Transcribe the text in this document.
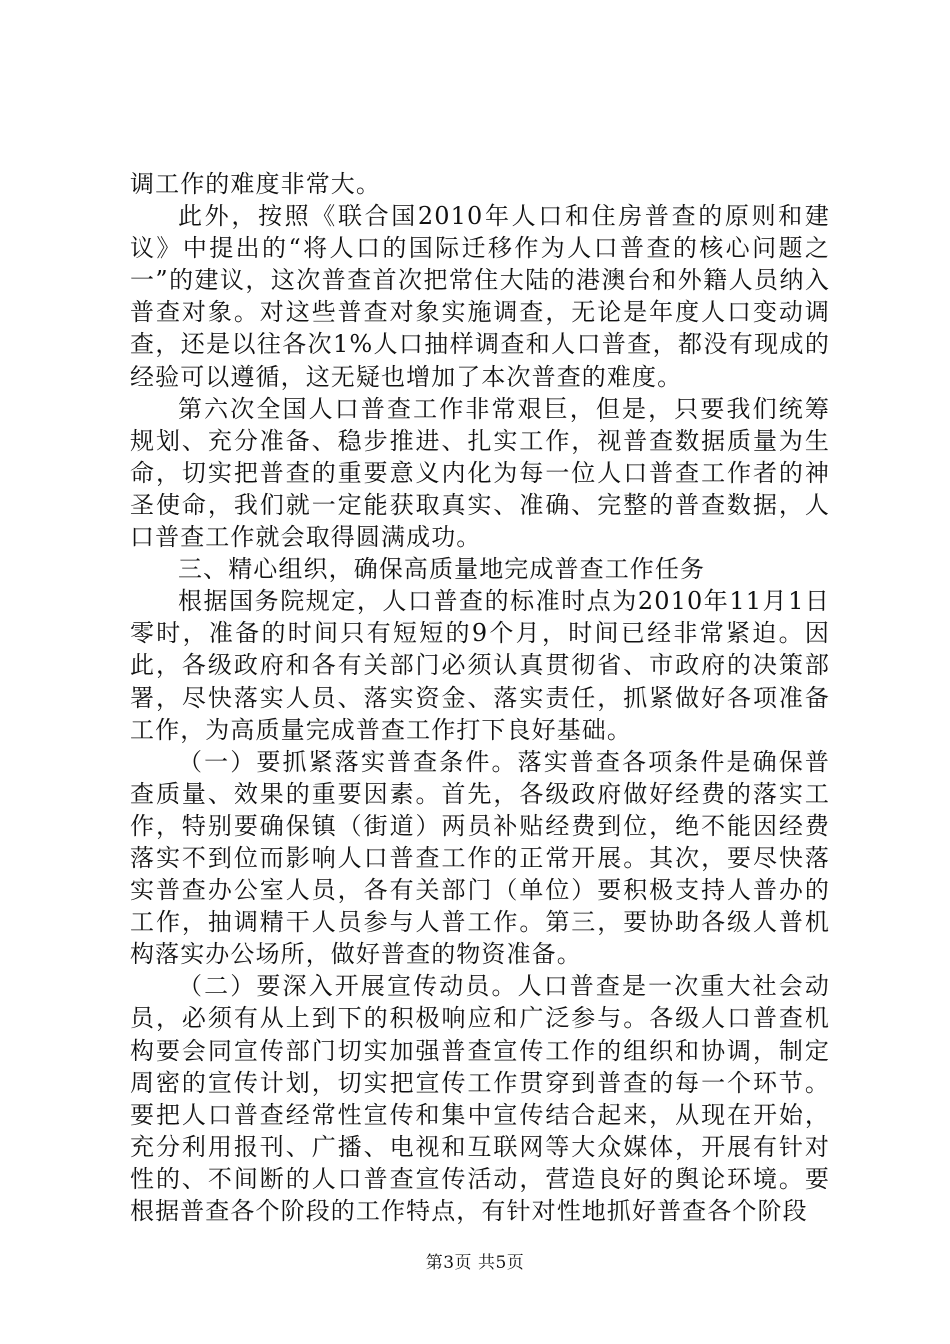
调工作的难度非常大。

此外，按照《联合国2010年人口和住房普查的原则和建议》中提出的“将人口的国际迁移作为人口普查的核心问题之一”的建议，这次普查首次把常住大陆的港澳台和外籍人员纳入普查对象。对这些普查对象实施调查，无论是年度人口变动调查，还是以往各次1%人口抽样调查和人口普查，都没有现成的经验可以遵循，这无疑也增加了本次普查的难度。

第六次全国人口普查工作非常艰巨，但是，只要我们统筹规划、充分准备、稳步推进、扎实工作，视普查数据质量为生命，切实把普查的重要意义内化为每一位人口普查工作者的神圣使命，我们就一定能获取真实、准确、完整的普查数据，人口普查工作就会取得圆满成功。

三、精心组织，确保高质量地完成普查工作任务

根据国务院规定，人口普查的标准时点为2010年11月1日零时，准备的时间只有短短的9个月，时间已经非常紧迫。因此，各级政府和各有关部门必须认真贯彻省、市政府的决策部署，尽快落实人员、落实资金、落实责任，抓紧做好各项准备工作，为高质量完成普查工作打下良好基础。

（一）要抓紧落实普查条件。落实普查各项条件是确保普查质量、效果的重要因素。首先，各级政府做好经费的落实工作，特别要确保镇（街道）两员补贴经费到位，绝不能因经费落实不到位而影响人口普查工作的正常开展。其次，要尽快落实普查办公室人员，各有关部门（单位）要积极支持人普办的工作，抽调精干人员参与人普工作。第三，要协助各级人普机构落实办公场所，做好普查的物资准备。

（二）要深入开展宣传动员。人口普查是一次重大社会动员，必须有从上到下的积极响应和广泛参与。各级人口普查机构要会同宣传部门切实加强普查宣传工作的组织和协调，制定周密的宣传计划，切实把宣传工作贯穿到普查的每一个环节。要把人口普查经常性宣传和集中宣传结合起来，从现在开始，充分利用报刊、广播、电视和互联网等大众媒体，开展有针对性的、不间断的人口普查宣传活动，营造良好的舆论环境。要根据普查各个阶段的工作特点，有针对性地抓好普查各个阶段

第3页 共5页
